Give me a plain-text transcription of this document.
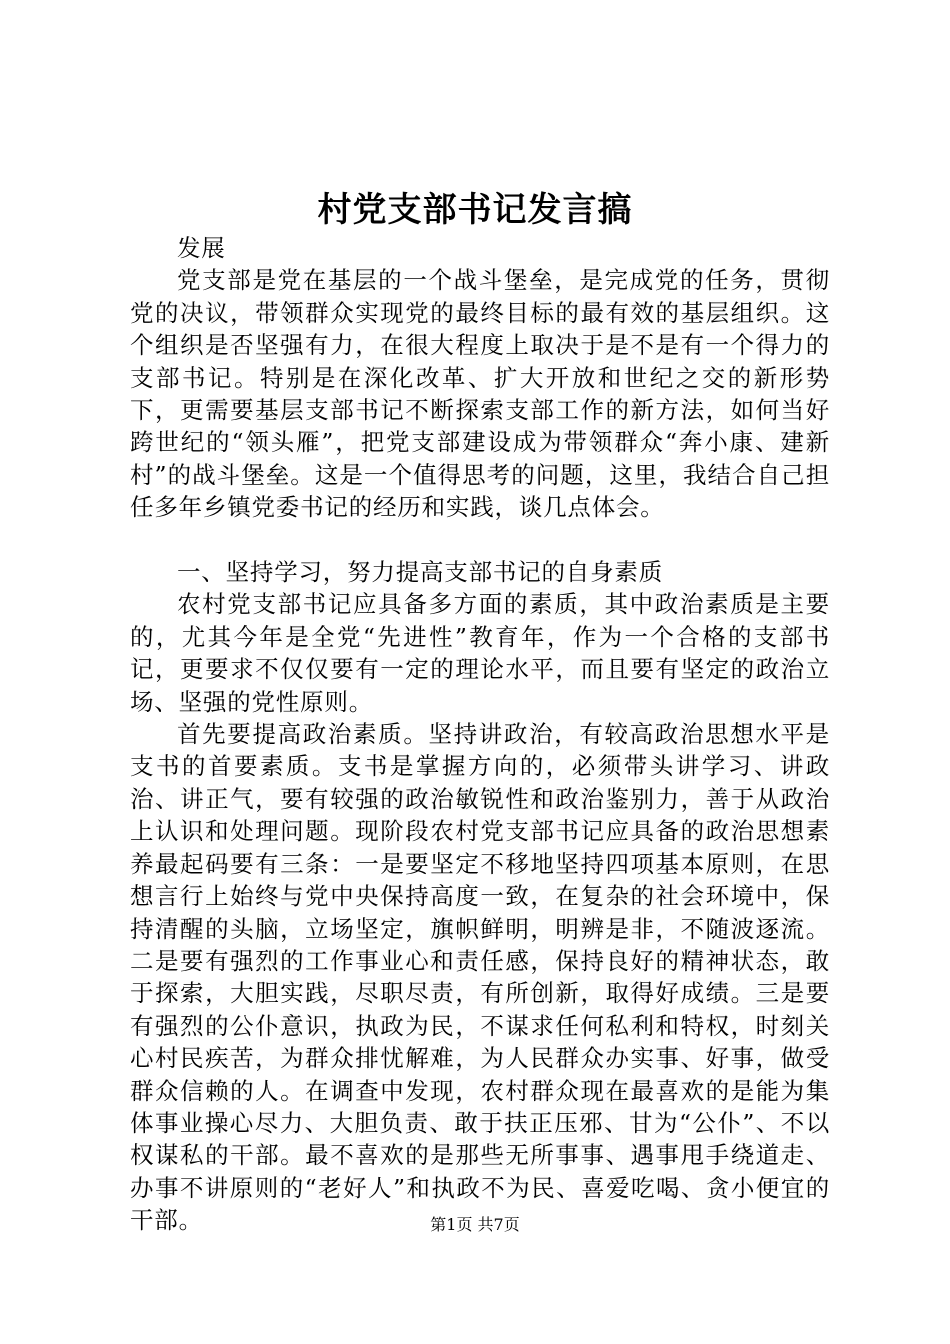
村党支部书记发言搞

发展

党支部是党在基层的一个战斗堡垒，是完成党的任务，贯彻党的决议，带领群众实现党的最终目标的最有效的基层组织。这个组织是否坚强有力，在很大程度上取决于是不是有一个得力的支部书记。特别是在深化改革、扩大开放和世纪之交的新形势下，更需要基层支部书记不断探索支部工作的新方法，如何当好跨世纪的“领头雁”，把党支部建设成为带领群众“奔小康、建新村”的战斗堡垒。这是一个值得思考的问题，这里，我结合自己担任多年乡镇党委书记的经历和实践，谈几点体会。

一、坚持学习，努力提高支部书记的自身素质

农村党支部书记应具备多方面的素质，其中政治素质是主要的，尤其今年是全党“先进性”教育年，作为一个合格的支部书记，更要求不仅仅要有一定的理论水平，而且要有坚定的政治立场、坚强的党性原则。

首先要提高政治素质。坚持讲政治，有较高政治思想水平是支书的首要素质。支书是掌握方向的，必须带头讲学习、讲政治、讲正气，要有较强的政治敏锐性和政治鉴别力，善于从政治上认识和处理问题。现阶段农村党支部书记应具备的政治思想素养最起码要有三条：一是要坚定不移地坚持四项基本原则，在思想言行上始终与党中央保持高度一致，在复杂的社会环境中，保持清醒的头脑，立场坚定，旗帜鲜明，明辨是非，不随波逐流。二是要有强烈的工作事业心和责任感，保持良好的精神状态，敢于探索，大胆实践，尽职尽责，有所创新，取得好成绩。三是要有强烈的公仆意识，执政为民，不谋求任何私利和特权，时刻关心村民疾苦，为群众排忧解难，为人民群众办实事、好事，做受群众信赖的人。在调查中发现，农村群众现在最喜欢的是能为集体事业操心尽力、大胆负责、敢于扶正压邪、甘为“公仆”、不以权谋私的干部。最不喜欢的是那些无所事事、遇事甩手绕道走、办事不讲原则的“老好人”和执政不为民、喜爱吃喝、贪小便宜的干部。	第1页 共7页
